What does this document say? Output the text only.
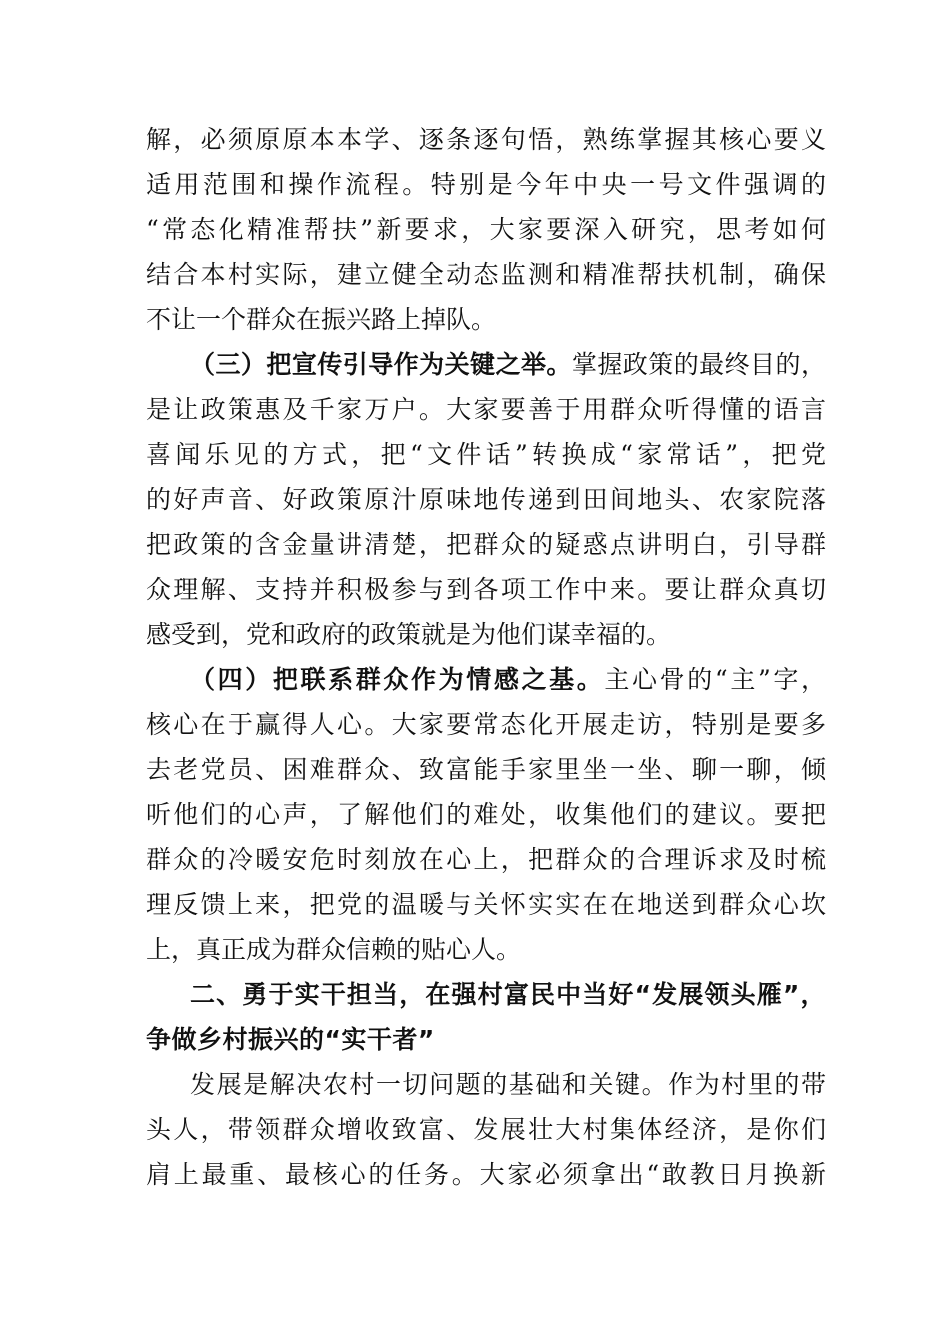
解，必须原原本本学、逐条逐句悟，熟练掌握其核心要义
适用范围和操作流程。特别是今年中央一号文件强调的
“常态化精准帮扶”新要求，大家要深入研究，思考如何
结合本村实际，建立健全动态监测和精准帮扶机制，确保
不让一个群众在振兴路上掉队。
（三）把宣传引导作为关键之举。掌握政策的最终目的，
是让政策惠及千家万户。大家要善于用群众听得懂的语言
喜闻乐见的方式，把“文件话”转换成“家常话”，把党
的好声音、好政策原汁原味地传递到田间地头、农家院落
把政策的含金量讲清楚，把群众的疑惑点讲明白，引导群
众理解、支持并积极参与到各项工作中来。要让群众真切
感受到，党和政府的政策就是为他们谋幸福的。
（四）把联系群众作为情感之基。主心骨的“主”字，
核心在于赢得人心。大家要常态化开展走访，特别是要多
去老党员、困难群众、致富能手家里坐一坐、聊一聊，倾
听他们的心声，了解他们的难处，收集他们的建议。要把
群众的冷暖安危时刻放在心上，把群众的合理诉求及时梳
理反馈上来，把党的温暖与关怀实实在在地送到群众心坎
上，真正成为群众信赖的贴心人。
二、勇于实干担当，在强村富民中当好“发展领头雁”，
争做乡村振兴的“实干者”
发展是解决农村一切问题的基础和关键。作为村里的带
头人，带领群众增收致富、发展壮大村集体经济，是你们
肩上最重、最核心的任务。大家必须拿出“敢教日月换新
